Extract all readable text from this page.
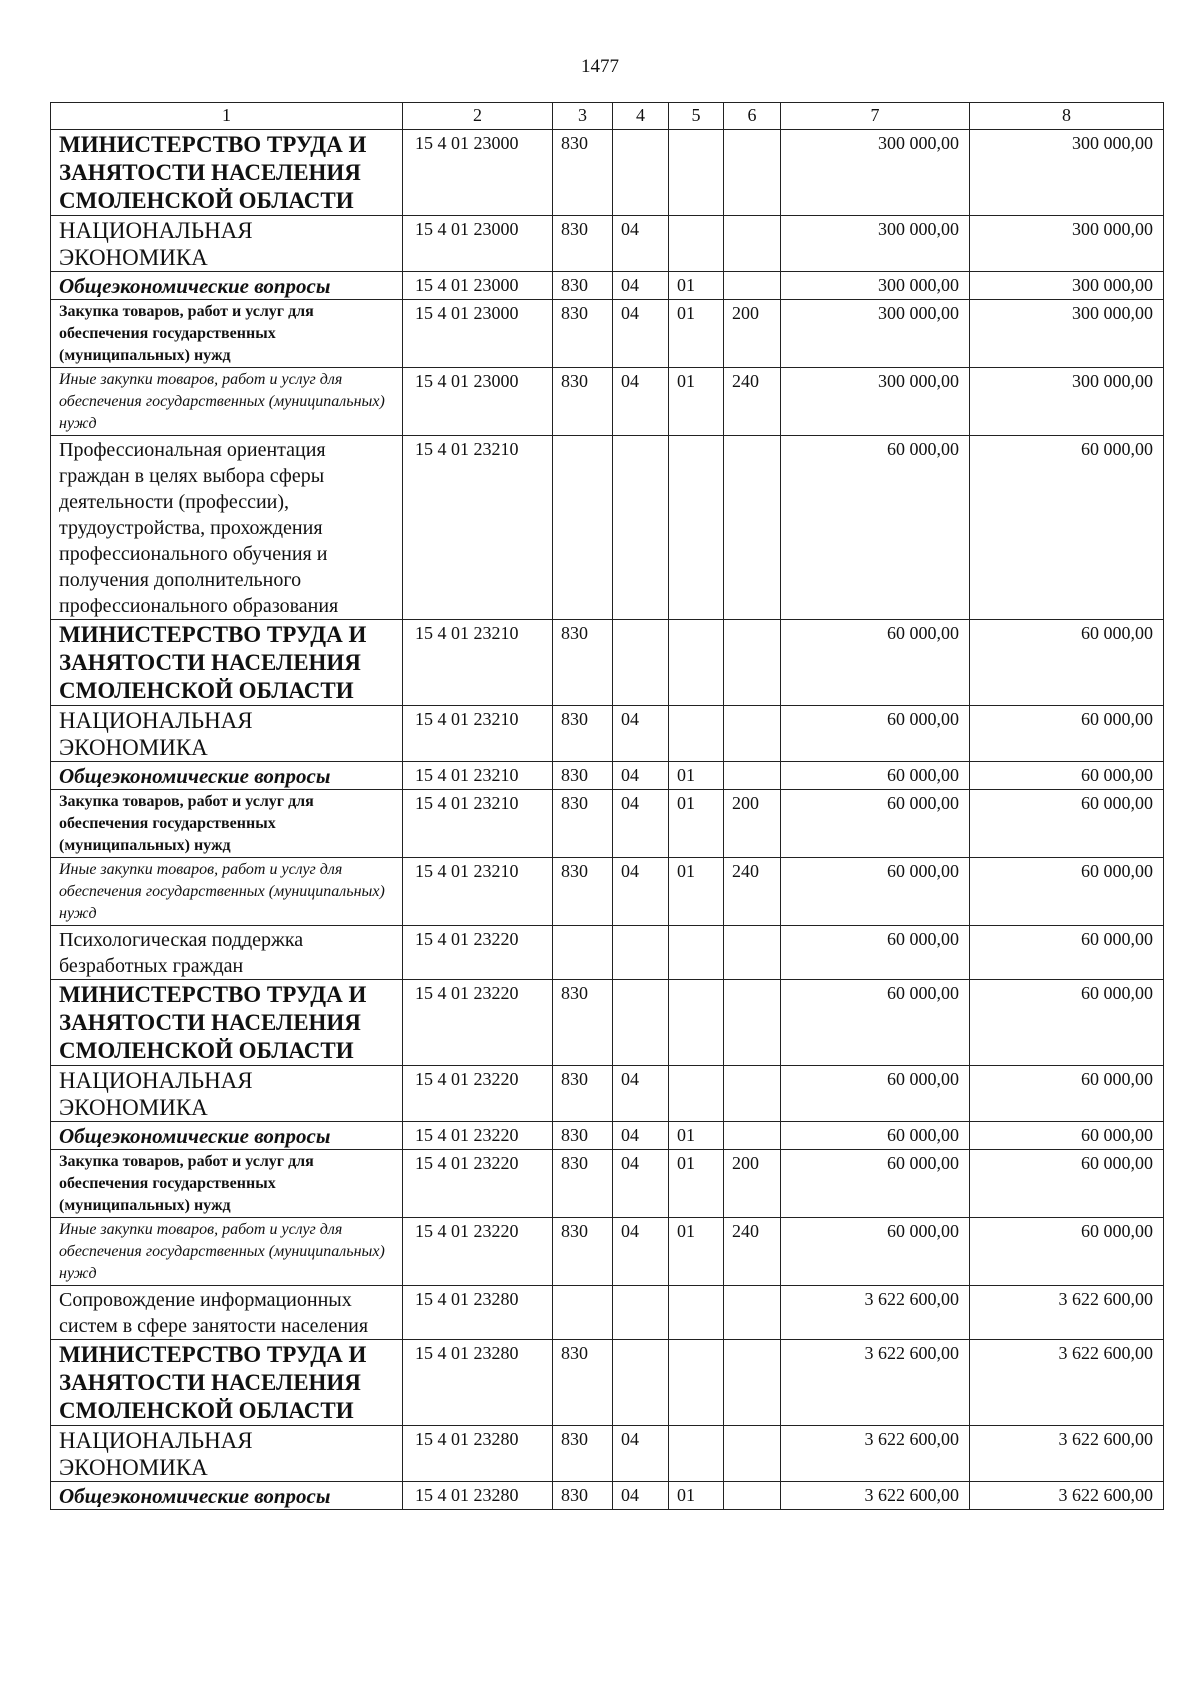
1477
1	2	3	4	5	6	7	8
МИНИСТЕРСТВО ТРУДА И ЗАНЯТОСТИ НАСЕЛЕНИЯ СМОЛЕНСКОЙ ОБЛАСТИ	15 4 01 23000	830				300 000,00	300 000,00
НАЦИОНАЛЬНАЯ ЭКОНОМИКА	15 4 01 23000	830	04			300 000,00	300 000,00
Общеэкономические вопросы	15 4 01 23000	830	04	01		300 000,00	300 000,00
Закупка товаров, работ и услуг для обеспечения государственных (муниципальных) нужд	15 4 01 23000	830	04	01	200	300 000,00	300 000,00
Иные закупки товаров, работ и услуг для обеспечения государственных (муниципальных) нужд	15 4 01 23000	830	04	01	240	300 000,00	300 000,00
Профессиональная ориентация граждан в целях выбора сферы деятельности (профессии), трудоустройства, прохождения профессионального обучения и получения дополнительного профессионального образования	15 4 01 23210					60 000,00	60 000,00
МИНИСТЕРСТВО ТРУДА И ЗАНЯТОСТИ НАСЕЛЕНИЯ СМОЛЕНСКОЙ ОБЛАСТИ	15 4 01 23210	830				60 000,00	60 000,00
НАЦИОНАЛЬНАЯ ЭКОНОМИКА	15 4 01 23210	830	04			60 000,00	60 000,00
Общеэкономические вопросы	15 4 01 23210	830	04	01		60 000,00	60 000,00
Закупка товаров, работ и услуг для обеспечения государственных (муниципальных) нужд	15 4 01 23210	830	04	01	200	60 000,00	60 000,00
Иные закупки товаров, работ и услуг для обеспечения государственных (муниципальных) нужд	15 4 01 23210	830	04	01	240	60 000,00	60 000,00
Психологическая поддержка безработных граждан	15 4 01 23220					60 000,00	60 000,00
МИНИСТЕРСТВО ТРУДА И ЗАНЯТОСТИ НАСЕЛЕНИЯ СМОЛЕНСКОЙ ОБЛАСТИ	15 4 01 23220	830				60 000,00	60 000,00
НАЦИОНАЛЬНАЯ ЭКОНОМИКА	15 4 01 23220	830	04			60 000,00	60 000,00
Общеэкономические вопросы	15 4 01 23220	830	04	01		60 000,00	60 000,00
Закупка товаров, работ и услуг для обеспечения государственных (муниципальных) нужд	15 4 01 23220	830	04	01	200	60 000,00	60 000,00
Иные закупки товаров, работ и услуг для обеспечения государственных (муниципальных) нужд	15 4 01 23220	830	04	01	240	60 000,00	60 000,00
Сопровождение информационных систем в сфере занятости населения	15 4 01 23280					3 622 600,00	3 622 600,00
МИНИСТЕРСТВО ТРУДА И ЗАНЯТОСТИ НАСЕЛЕНИЯ СМОЛЕНСКОЙ ОБЛАСТИ	15 4 01 23280	830				3 622 600,00	3 622 600,00
НАЦИОНАЛЬНАЯ ЭКОНОМИКА	15 4 01 23280	830	04			3 622 600,00	3 622 600,00
Общеэкономические вопросы	15 4 01 23280	830	04	01		3 622 600,00	3 622 600,00
